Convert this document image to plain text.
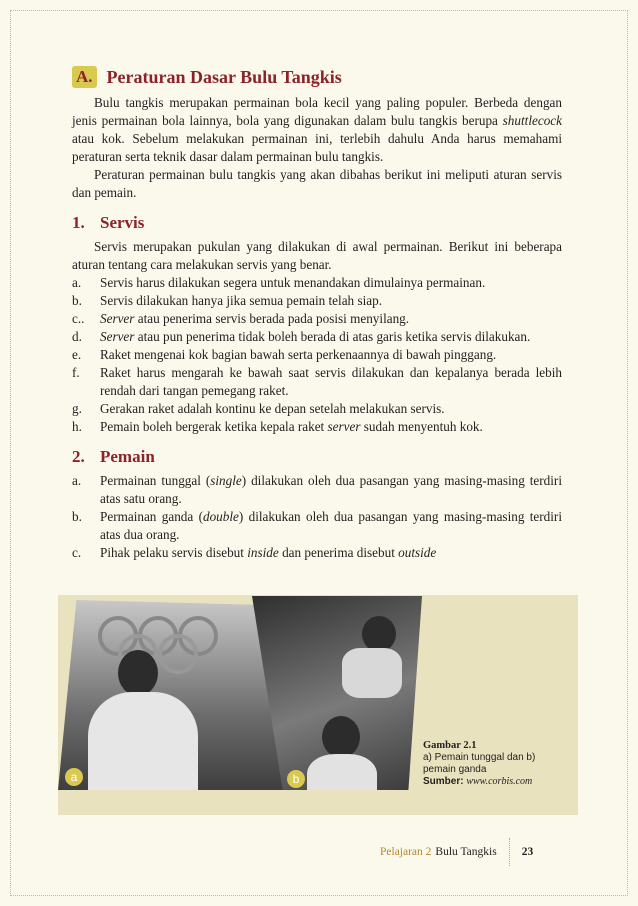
A. Peraturan Dasar Bulu Tangkis

Bulu tangkis merupakan permainan bola kecil yang paling populer. Berbeda dengan jenis permainan bola lainnya, bola yang digunakan dalam bulu tangkis berupa shuttlecock atau kok. Sebelum melakukan permainan ini, terlebih dahulu Anda harus memahami peraturan serta teknik dasar dalam permainan bulu tangkis.

Peraturan permainan bulu tangkis yang akan dibahas berikut ini meliputi aturan servis dan pemain.

1. Servis

Servis merupakan pukulan yang dilakukan di awal permainan. Berikut ini beberapa aturan tentang cara melakukan servis yang benar.

a.	Servis harus dilakukan segera untuk menandakan dimulainya permainan.
b.	Servis dilakukan hanya jika semua pemain telah siap.
c..	Server atau penerima servis berada pada posisi menyilang.
d.	Server atau pun penerima tidak boleh berada di atas garis ketika servis dilakukan.
e.	Raket mengenai kok bagian bawah serta perkenaannya di bawah pinggang.
f.	Raket harus mengarah ke bawah saat servis dilakukan dan kepalanya berada lebih rendah dari tangan pemegang raket.
g.	Gerakan raket adalah kontinu ke depan setelah melakukan servis.
h.	Pemain boleh bergerak ketika kepala raket server sudah menyentuh kok.
2. Pemain
a.	Permainan tunggal (single) dilakukan oleh dua pasangan yang masing-masing terdiri atas satu orang.
b.	Permainan ganda (double) dilakukan oleh dua pasangan yang masing-masing terdiri atas dua orang.
c.	Pihak pelaku servis disebut inside dan penerima disebut outside
a	b
Gambar 2.1
a) Pemain tunggal dan b) pemain ganda
Sumber: www.corbis.com
Pelajaran 2 Bulu Tangkis 23
